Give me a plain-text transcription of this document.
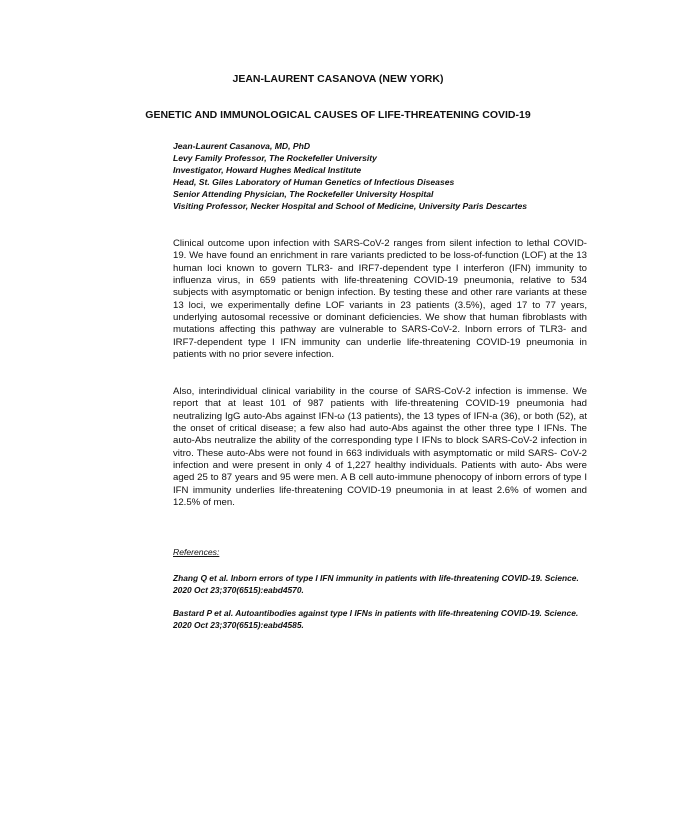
JEAN-LAURENT CASANOVA (NEW YORK)
GENETIC AND IMMUNOLOGICAL CAUSES OF LIFE-THREATENING COVID-19
Jean-Laurent Casanova, MD, PhD
Levy Family Professor, The Rockefeller University
Investigator, Howard Hughes Medical Institute
Head, St. Giles Laboratory of Human Genetics of Infectious Diseases
Senior Attending Physician, The Rockefeller University Hospital
Visiting Professor, Necker Hospital and School of Medicine, University Paris Descartes

Clinical outcome upon infection with SARS-CoV-2 ranges from silent infection to lethal COVID-19. We have found an enrichment in rare variants predicted to be loss-of-function (LOF) at the 13 human loci known to govern TLR3- and IRF7-dependent type I interferon (IFN) immunity to influenza virus, in 659 patients with life-threatening COVID-19 pneumonia, relative to 534 subjects with asymptomatic or benign infection. By testing these and other rare variants at these 13 loci, we experimentally define LOF variants in 23 patients (3.5%), aged 17 to 77 years, underlying autosomal recessive or dominant deficiencies. We show that human fibroblasts with mutations affecting this pathway are vulnerable to SARS-CoV-2. Inborn errors of TLR3- and IRF7-dependent type I IFN immunity can underlie life-threatening COVID-19 pneumonia in patients with no prior severe infection.

Also, interindividual clinical variability in the course of SARS-CoV-2 infection is immense. We report that at least 101 of 987 patients with life-threatening COVID-19 pneumonia had neutralizing IgG auto-Abs against IFN-ω (13 patients), the 13 types of IFN-a (36), or both (52), at the onset of critical disease; a few also had auto-Abs against the other three type I IFNs. The auto-Abs neutralize the ability of the corresponding type I IFNs to block SARS-CoV-2 infection in vitro. These auto-Abs were not found in 663 individuals with asymptomatic or mild SARS- CoV-2 infection and were present in only 4 of 1,227 healthy individuals. Patients with auto- Abs were aged 25 to 87 years and 95 were men. A B cell auto-immune phenocopy of inborn errors of type I IFN immunity underlies life-threatening COVID-19 pneumonia in at least 2.6% of women and 12.5% of men.

References:
Zhang Q et al. Inborn errors of type I IFN immunity in patients with life-threatening COVID-19. Science. 2020 Oct 23;370(6515):eabd4570.
Bastard P et al. Autoantibodies against type I IFNs in patients with life-threatening COVID-19. Science. 2020 Oct 23;370(6515):eabd4585.
